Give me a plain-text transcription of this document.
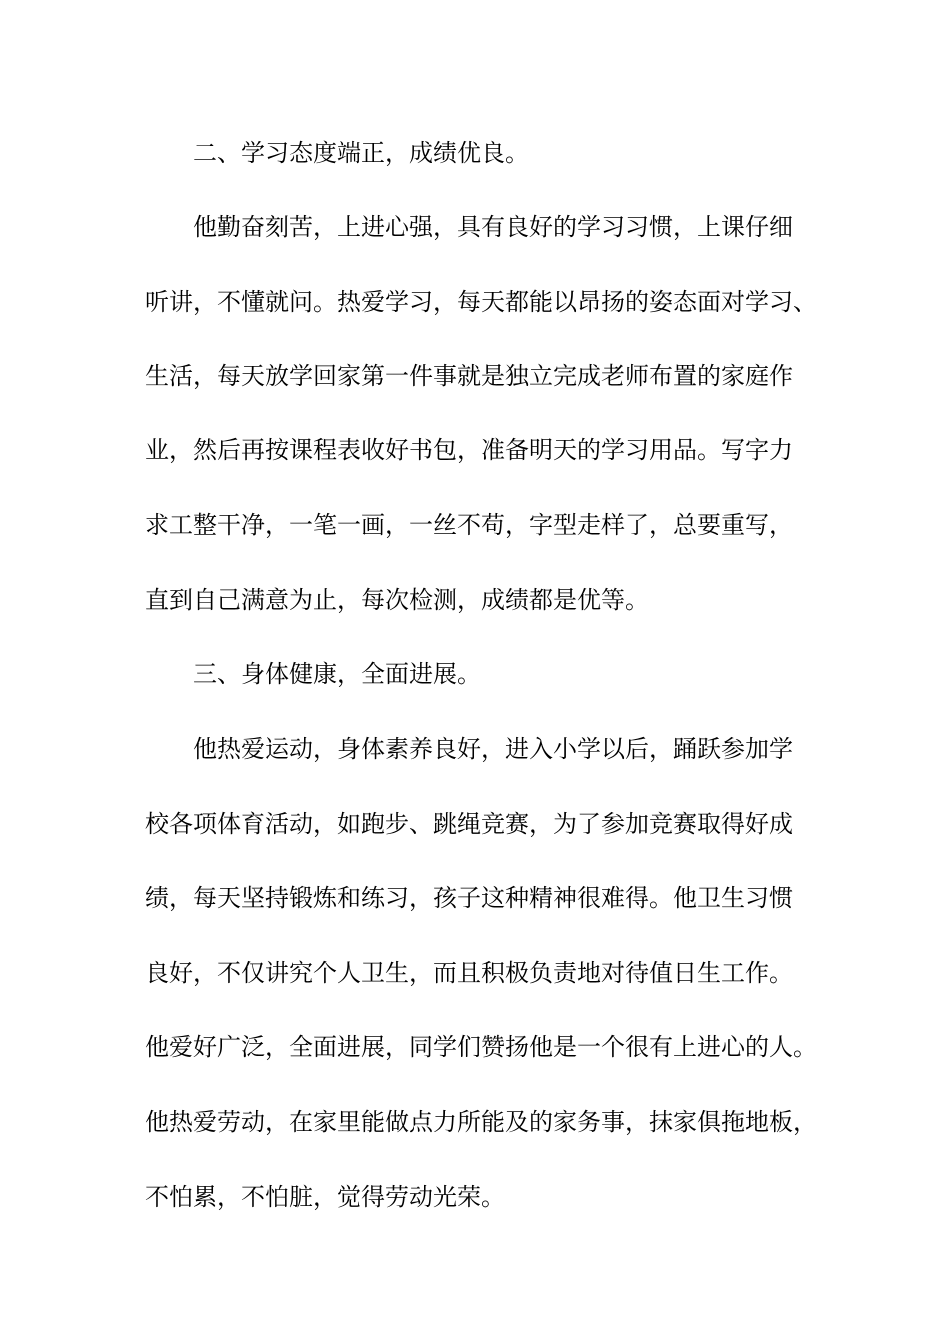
二、学习态度端正，成绩优良。
他勤奋刻苦，上进心强，具有良好的学习习惯，上课仔细
听讲，不懂就问。热爱学习，每天都能以昂扬的姿态面对学习、
生活，每天放学回家第一件事就是独立完成老师布置的家庭作
业，然后再按课程表收好书包，准备明天的学习用品。写字力
求工整干净，一笔一画，一丝不苟，字型走样了，总要重写，
直到自己满意为止，每次检测，成绩都是优等。
三、身体健康，全面进展。
他热爱运动，身体素养良好，进入小学以后，踊跃参加学
校各项体育活动，如跑步、跳绳竞赛，为了参加竞赛取得好成
绩，每天坚持锻炼和练习，孩子这种精神很难得。他卫生习惯
良好，不仅讲究个人卫生，而且积极负责地对待值日生工作。
他爱好广泛，全面进展，同学们赞扬他是一个很有上进心的人。
他热爱劳动，在家里能做点力所能及的家务事，抹家俱拖地板，
不怕累，不怕脏，觉得劳动光荣。
